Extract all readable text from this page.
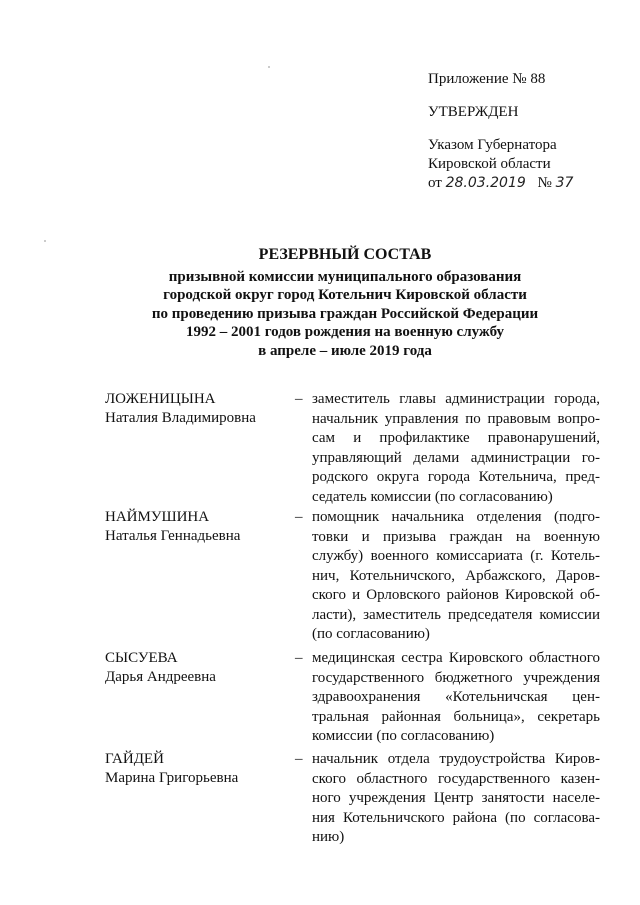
Приложение № 88
УТВЕРЖДЕН
Указом Губернатора
Кировской области
от 28.03.2019 № 37
РЕЗЕРВНЫЙ СОСТАВ
призывной комиссии муниципального образования
городской округ город Котельнич Кировской области
по проведению призыва граждан Российской Федерации
1992 – 2001 годов рождения на военную службу
в апреле – июле 2019 года
ЛОЖЕНИЦЫНА
Наталия Владимировна
– заместитель главы администрации города, начальник управления по правовым вопросам и профилактике правонарушений, управляющий делами администрации городского округа города Котельнича, председатель комиссии (по согласованию)
НАЙМУШИНА
Наталья Геннадьевна
– помощник начальника отделения (подготовки и призыва граждан на военную службу) военного комиссариата (г. Котельнич, Котельничского, Арбажского, Даровского и Орловского районов Кировской области), заместитель председателя комиссии (по согласованию)
СЫСУЕВА
Дарья Андреевна
– медицинская сестра Кировского областного государственного бюджетного учреждения здравоохранения «Котельничская центральная районная больница», секретарь комиссии (по согласованию)
ГАЙДЕЙ
Марина Григорьевна
– начальник отдела трудоустройства Кировского областного государственного казенного учреждения Центр занятости населения Котельничского района (по согласованию)
